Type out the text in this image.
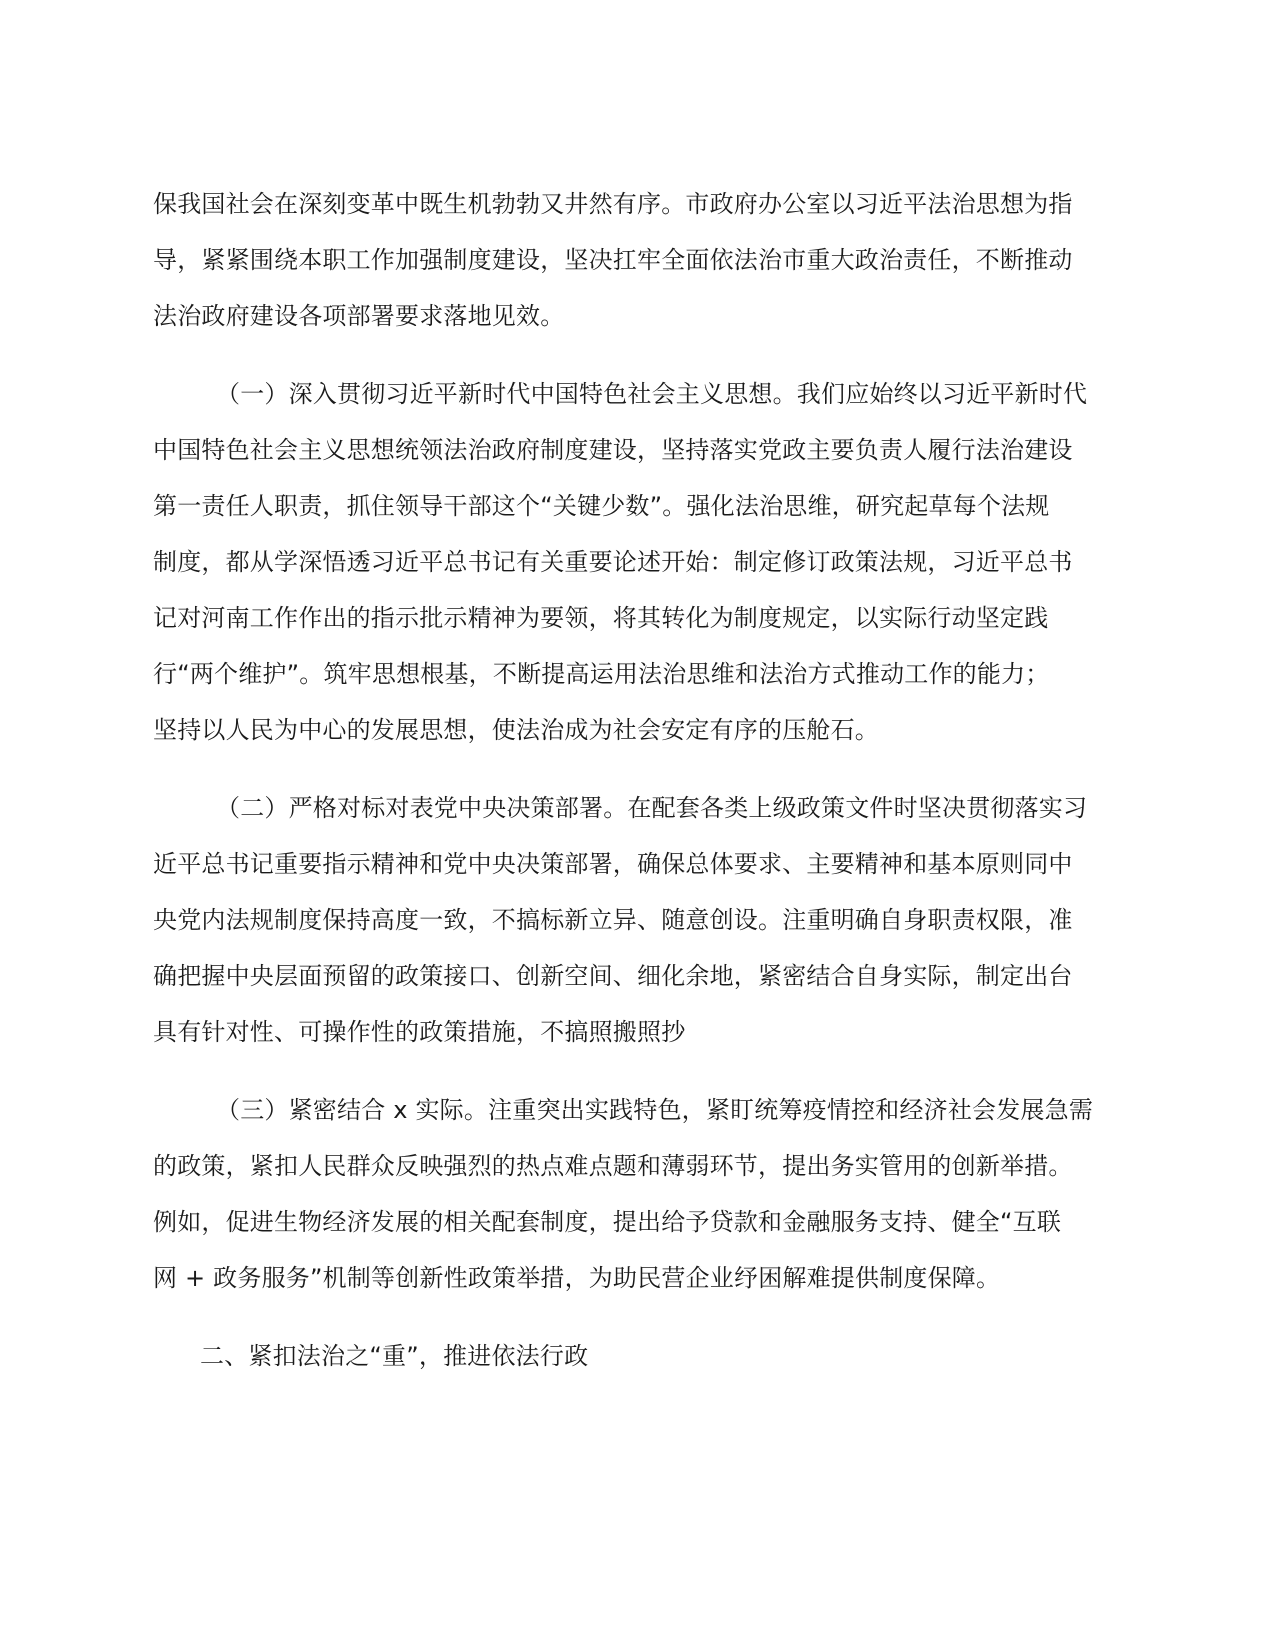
保我国社会在深刻变革中既生机勃勃又井然有序。市政府办公室以习近平法治思想为指
导，紧紧围绕本职工作加强制度建设，坚决扛牢全面依法治市重大政治责任，不断推动
法治政府建设各项部署要求落地见效。
（一）深入贯彻习近平新时代中国特色社会主义思想。我们应始终以习近平新时代
中国特色社会主义思想统领法治政府制度建设，坚持落实党政主要负责人履行法治建设
第一责任人职责，抓住领导干部这个“关键少数”。强化法治思维，研究起草每个法规
制度，都从学深悟透习近平总书记有关重要论述开始：制定修订政策法规，习近平总书
记对河南工作作出的指示批示精神为要领，将其转化为制度规定，以实际行动坚定践
行“两个维护”。筑牢思想根基，不断提高运用法治思维和法治方式推动工作的能力；
坚持以人民为中心的发展思想，使法治成为社会安定有序的压舱石。
（二）严格对标对表党中央决策部署。在配套各类上级政策文件时坚决贯彻落实习
近平总书记重要指示精神和党中央决策部署，确保总体要求、主要精神和基本原则同中
央党内法规制度保持高度一致，不搞标新立异、随意创设。注重明确自身职责权限，准
确把握中央层面预留的政策接口、创新空间、细化余地，紧密结合自身实际，制定出台
具有针对性、可操作性的政策措施，不搞照搬照抄
（三）紧密结合 x 实际。注重突出实践特色，紧盯统筹疫情控和经济社会发展急需
的政策，紧扣人民群众反映强烈的热点难点题和薄弱环节，提出务实管用的创新举措。
例如，促进生物经济发展的相关配套制度，提出给予贷款和金融服务支持、健全“互联
网 + 政务服务”机制等创新性政策举措，为助民营企业纾困解难提供制度保障。
二、紧扣法治之“重”，推进依法行政
